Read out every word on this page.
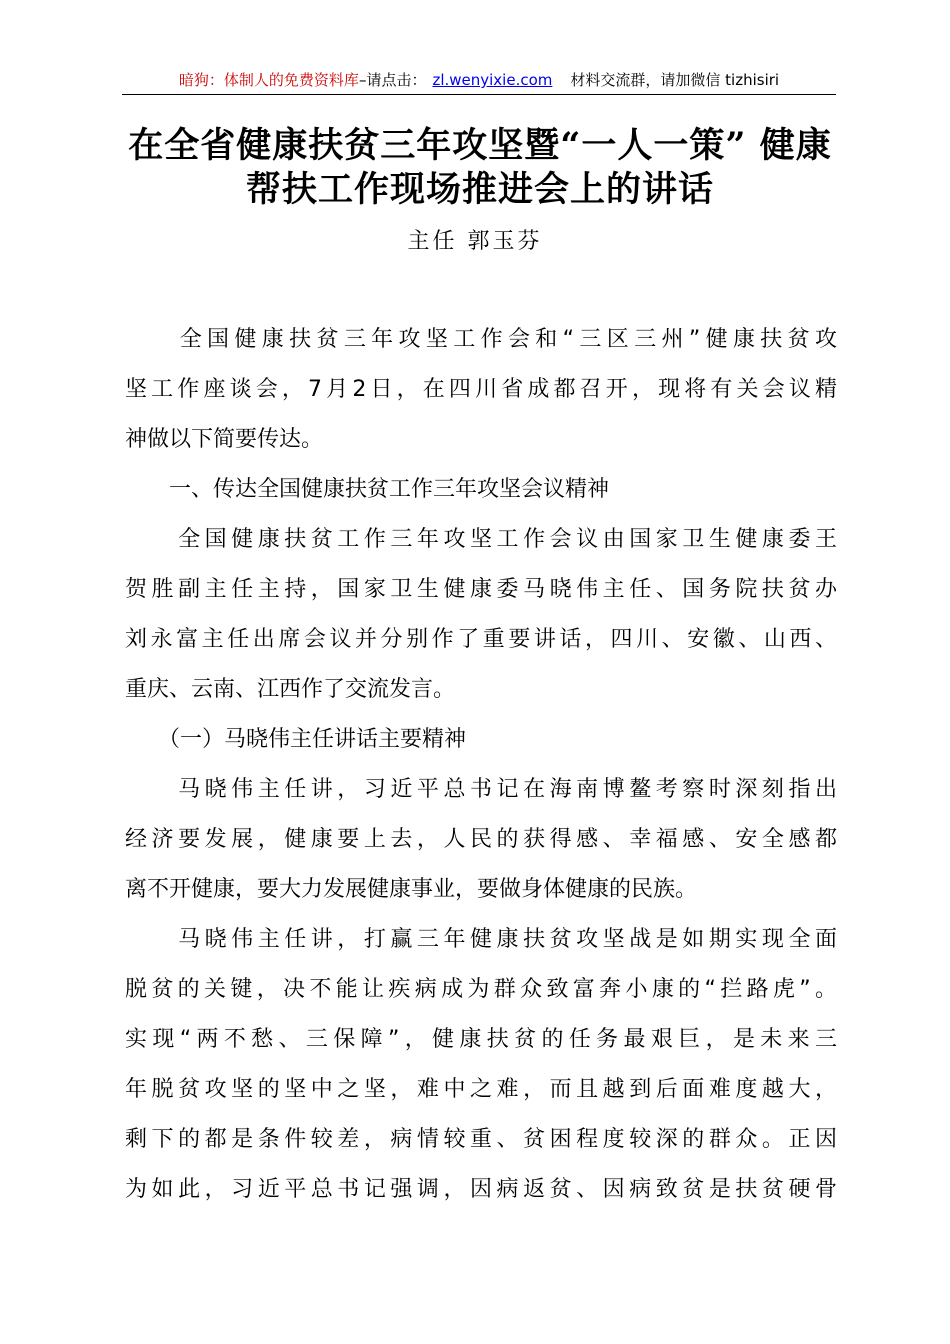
暗狗：体制人的免费资料库–请点击： zl.wenyixie.com 材料交流群，请加微信 tizhisiri
在全省健康扶贫三年攻坚暨“一人一策” 健康
帮扶工作现场推进会上的讲话
主任 郭玉芬
　　全国健康扶贫三年攻坚工作会和“三区三州”健康扶贫攻
坚工作座谈会，7月2日，在四川省成都召开，现将有关会议精
神做以下简要传达。
　　一、传达全国健康扶贫工作三年攻坚会议精神
　　全国健康扶贫工作三年攻坚工作会议由国家卫生健康委王
贺胜副主任主持，国家卫生健康委马晓伟主任、国务院扶贫办
刘永富主任出席会议并分别作了重要讲话，四川、安徽、山西、
重庆、云南、江西作了交流发言。
　　（一）马晓伟主任讲话主要精神
　　马晓伟主任讲，习近平总书记在海南博鳌考察时深刻指出
经济要发展，健康要上去，人民的获得感、幸福感、安全感都
离不开健康，要大力发展健康事业，要做身体健康的民族。
　　马晓伟主任讲，打赢三年健康扶贫攻坚战是如期实现全面
脱贫的关键，决不能让疾病成为群众致富奔小康的“拦路虎”。
实现“两不愁、三保障”，健康扶贫的任务最艰巨，是未来三
年脱贫攻坚的坚中之坚，难中之难，而且越到后面难度越大，
剩下的都是条件较差，病情较重、贫困程度较深的群众。正因
为如此，习近平总书记强调，因病返贫、因病致贫是扶贫硬骨
